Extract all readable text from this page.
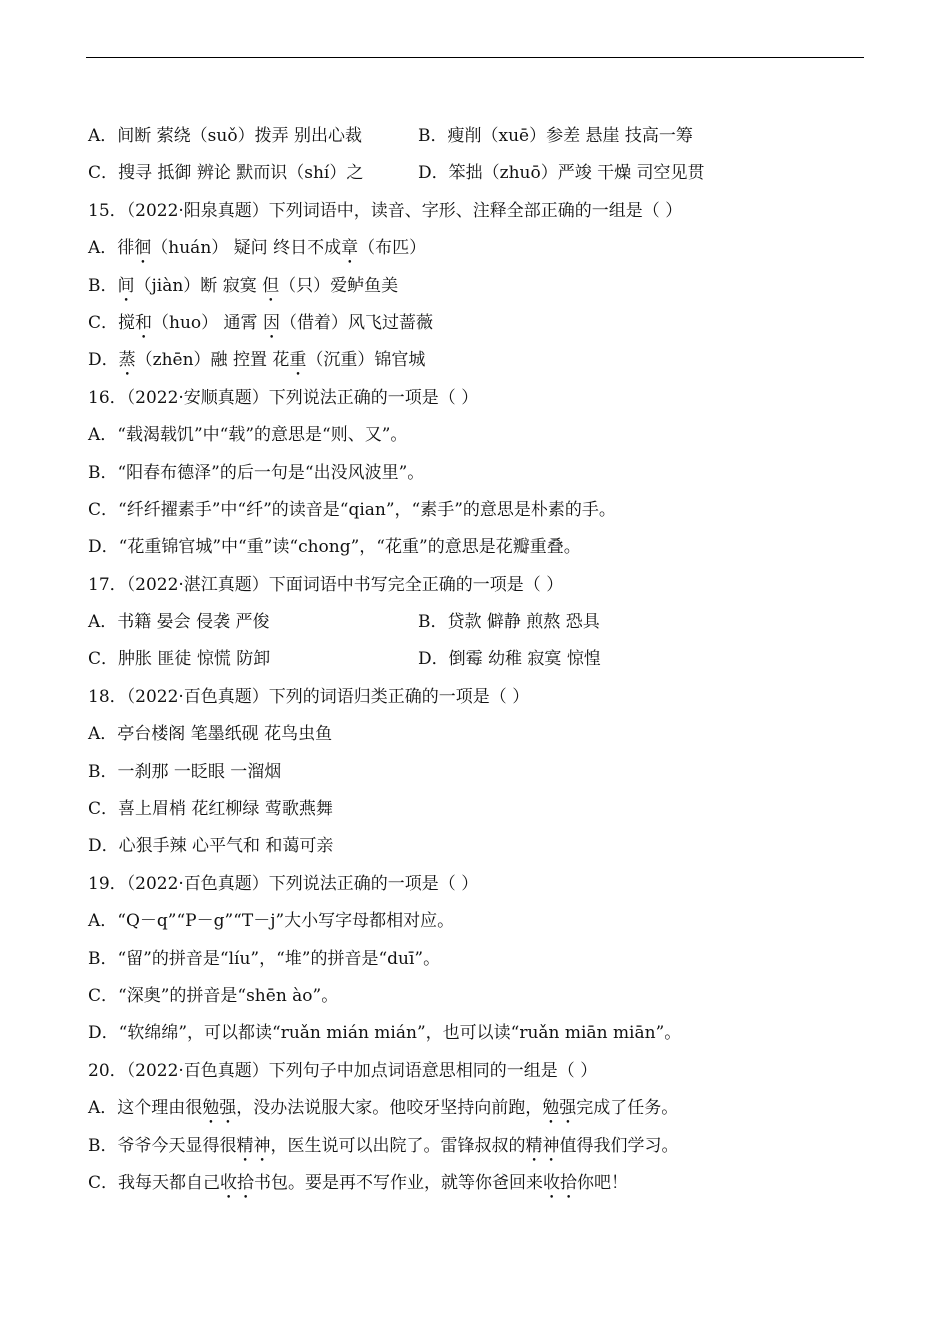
A．间断 萦绕（suǒ）拨弄 别出心裁	B．瘦削（xuē）参差 悬崖 技高一筹
C．搜寻 抵御 辨论 默而识（shí）之	D．笨拙（zhuō）严竣 干燥 司空见贯
15．（2022·阳泉真题）下列词语中，读音、字形、注释全部正确的一组是（ ）
A．徘徊（huán） 疑问 终日不成章（布匹）
B．间（jiàn）断 寂寞 但（只）爱鲈鱼美
C．搅和（huo） 通霄 因（借着）风飞过蔷薇
D．蒸（zhēn）融 控置 花重（沉重）锦官城
16．（2022·安顺真题）下列说法正确的一项是（ ）
A．“载渴载饥”中“载”的意思是“则、又”。
B．“阳春布德泽”的后一句是“出没风波里”。
C．“纤纤擢素手”中“纤”的读音是“qian”，“素手”的意思是朴素的手。
D．“花重锦官城”中“重”读“chong”，“花重”的意思是花瓣重叠。
17．（2022·湛江真题）下面词语中书写完全正确的一项是（ ）
A．书籍 晏会 侵袭 严俊	B．贷款 僻静 煎熬 恐具
C．肿胀 匪徒 惊慌 防卸	D．倒霉 幼稚 寂寞 惊惶
18．（2022·百色真题）下列的词语归类正确的一项是（ ）
A．亭台楼阁 笔墨纸砚 花鸟虫鱼
B．一刹那 一眨眼 一溜烟
C．喜上眉梢 花红柳绿 莺歌燕舞
D．心狠手辣 心平气和 和蔼可亲
19．（2022·百色真题）下列说法正确的一项是（ ）
A．“Q－q”“P－g”“T－j”大小写字母都相对应。
B．“留”的拼音是“líu”，“堆”的拼音是“duī”。
C．“深奥”的拼音是“shēn ào”。
D．“软绵绵”，可以都读“ruǎn mián mián”，也可以读“ruǎn miān miān”。
20．（2022·百色真题）下列句子中加点词语意思相同的一组是（ ）
A．这个理由很勉强，没办法说服大家。他咬牙坚持向前跑，勉强完成了任务。
B．爷爷今天显得很精神，医生说可以出院了。雷锋叔叔的精神值得我们学习。
C．我每天都自己收拾书包。要是再不写作业，就等你爸回来收拾你吧！
